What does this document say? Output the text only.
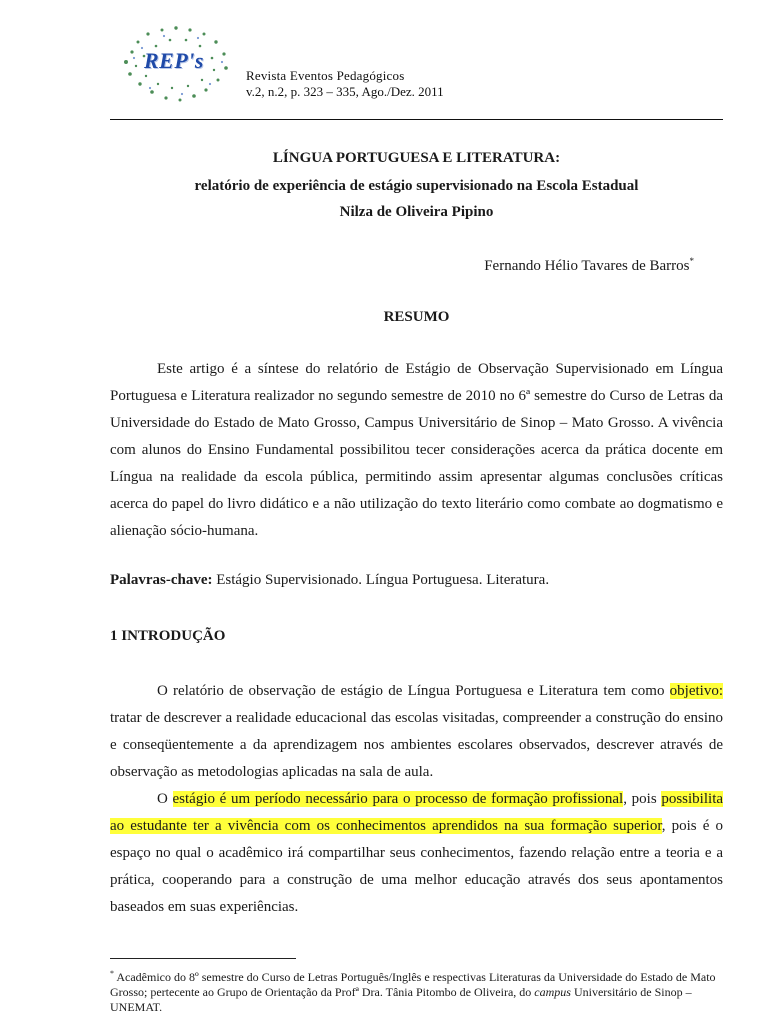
REP's
Revista Eventos Pedagógicos
v.2, n.2, p. 323 – 335, Ago./Dez. 2011
LÍNGUA PORTUGUESA E LITERATURA:
relatório de experiência de estágio supervisionado na Escola Estadual
Nilza de Oliveira Pipino
Fernando Hélio Tavares de Barros*
RESUMO

Este artigo é a síntese do relatório de Estágio de Observação Supervisionado em Língua Portuguesa e Literatura realizador no segundo semestre de 2010 no 6ª semestre do Curso de Letras da Universidade do Estado de Mato Grosso, Campus Universitário de Sinop – Mato Grosso. A vivência com alunos do Ensino Fundamental possibilitou tecer considerações acerca da prática docente em Língua na realidade da escola pública, permitindo assim apresentar algumas conclusões críticas acerca do papel do livro didático e a não utilização do texto literário como combate ao dogmatismo e alienação sócio-humana.

Palavras-chave: Estágio Supervisionado. Língua Portuguesa. Literatura.
1 INTRODUÇÃO

O relatório de observação de estágio de Língua Portuguesa e Literatura tem como objetivo: tratar de descrever a realidade educacional das escolas visitadas, compreender a construção do ensino e conseqüentemente a da aprendizagem nos ambientes escolares observados, descrever através de observação as metodologias aplicadas na sala de aula.

O estágio é um período necessário para o processo de formação profissional, pois possibilita ao estudante ter a vivência com os conhecimentos aprendidos na sua formação superior, pois é o espaço no qual o acadêmico irá compartilhar seus conhecimentos, fazendo relação entre a teoria e a prática, cooperando para a construção de uma melhor educação através dos seus apontamentos baseados em suas experiências.

* Acadêmico do 8º semestre do Curso de Letras Português/Inglês e respectivas Literaturas da Universidade do Estado de Mato Grosso; pertecente ao Grupo de Orientação da Profª Dra. Tânia Pitombo de Oliveira, do campus Universitário de Sinop – UNEMAT.
